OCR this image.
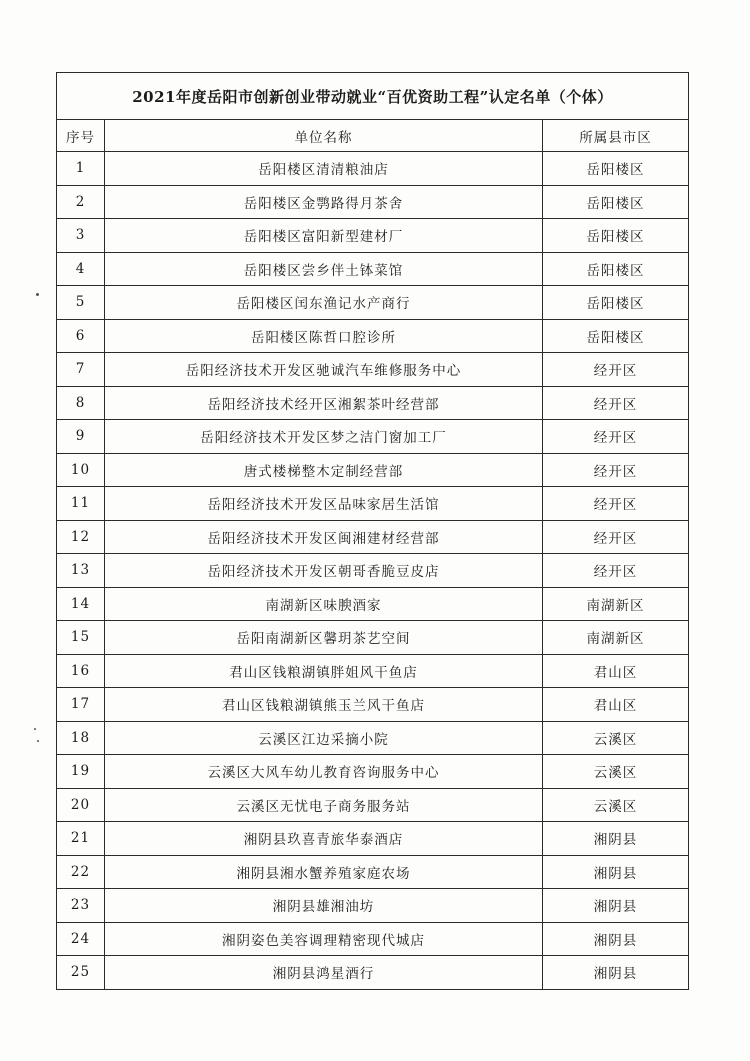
2021年度岳阳市创新创业带动就业“百优资助工程”认定名单（个体）		
序号	单位名称	所属县市区
1	岳阳楼区清清粮油店	岳阳楼区
2	岳阳楼区金鹗路得月茶舍	岳阳楼区
3	岳阳楼区富阳新型建材厂	岳阳楼区
4	岳阳楼区尝乡伴土钵菜馆	岳阳楼区
5	岳阳楼区闰东渔记水产商行	岳阳楼区
6	岳阳楼区陈哲口腔诊所	岳阳楼区
7	岳阳经济技术开发区驰诚汽车维修服务中心	经开区
8	岳阳经济技术经开区湘絮茶叶经营部	经开区
9	岳阳经济技术开发区梦之洁门窗加工厂	经开区
10	唐式楼梯整木定制经营部	经开区
11	岳阳经济技术开发区品味家居生活馆	经开区
12	岳阳经济技术开发区闽湘建材经营部	经开区
13	岳阳经济技术开发区朝哥香脆豆皮店	经开区
14	南湖新区味腴酒家	南湖新区
15	岳阳南湖新区馨玥茶艺空间	南湖新区
16	君山区钱粮湖镇胖姐风干鱼店	君山区
17	君山区钱粮湖镇熊玉兰风干鱼店	君山区
18	云溪区江边采摘小院	云溪区
19	云溪区大风车幼儿教育咨询服务中心	云溪区
20	云溪区无忧电子商务服务站	云溪区
21	湘阴县玖喜青旅华泰酒店	湘阴县
22	湘阴县湘水蟹养殖家庭农场	湘阴县
23	湘阴县雄湘油坊	湘阴县
24	湘阴姿色美容调理精密现代城店	湘阴县
25	湘阴县鸿星酒行	湘阴县
